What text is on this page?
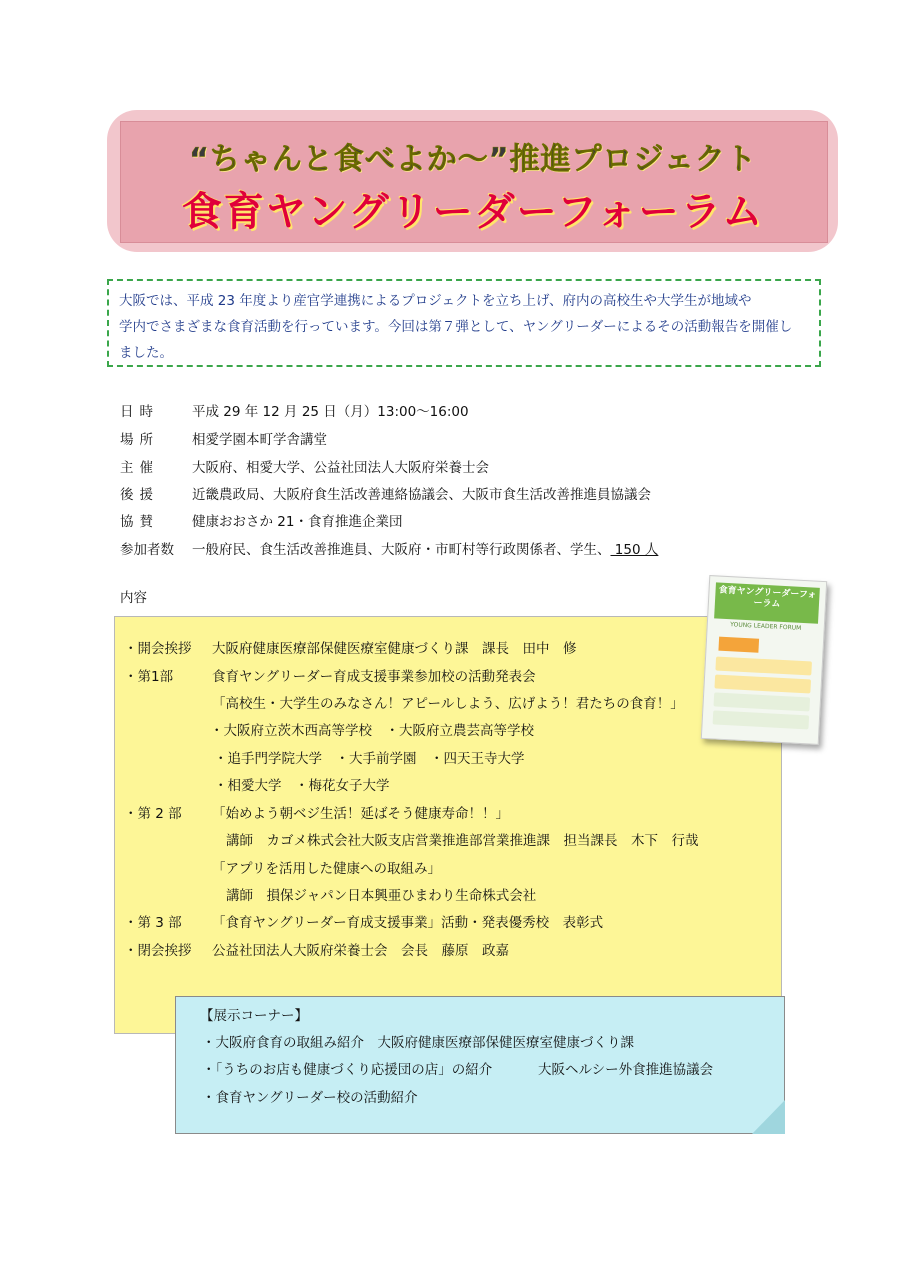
“ちゃんと食べよか～”推進プロジェクト
食育ヤングリーダーフォーラム
大阪では、平成 23 年度より産官学連携によるプロジェクトを立ち上げ、府内の高校生や大学生が地域や
学内でさまざまな食育活動を行っています。今回は第７弾として、ヤングリーダーによるその活動報告を開催し
ました。
日時 平成 29 年 12 月 25 日（月）13:00～16:00
場所 相愛学園本町学舎講堂
主催 大阪府、相愛大学、公益社団法人大阪府栄養士会
後援 近畿農政局、大阪府食生活改善連絡協議会、大阪市食生活改善推進員協議会
協賛 健康おおさか 21・食育推進企業団
参加者数 一般府民、食生活改善推進員、大阪府・市町村等行政関係者、学生、 150 人
内容
・開会挨拶 大阪府健康医療部保健医療室健康づくり課　課長　田中　修
・第1部	食育ヤングリーダー育成支援事業参加校の活動発表会
「高校生・大学生のみなさん！アピールしよう、広げよう！君たちの食育！」
・大阪府立茨木西高等学校　・大阪府立農芸高等学校
・追手門学院大学　・大手前学園　・四天王寺大学
・相愛大学　・梅花女子大学
・第 2 部 「始めよう朝ベジ生活！延ばそう健康寿命！！」
講師　カゴメ株式会社大阪支店営業推進部営業推進課　担当課長　木下　行哉
「アプリを活用した健康への取組み」
講師　損保ジャパン日本興亜ひまわり生命株式会社
・第 3 部 「食育ヤングリーダー育成支援事業」活動・発表優秀校　表彰式
・閉会挨拶 公益社団法人大阪府栄養士会　会長　藤原　政嘉
食育ヤングリーダーフォーラム
YOUNG LEADER FORUM
【展示コーナー】
・大阪府食育の取組み紹介　大阪府健康医療部保健医療室健康づくり課
・「うちのお店も健康づくり応援団の店」の紹介	大阪ヘルシー外食推進協議会
・食育ヤングリーダー校の活動紹介
